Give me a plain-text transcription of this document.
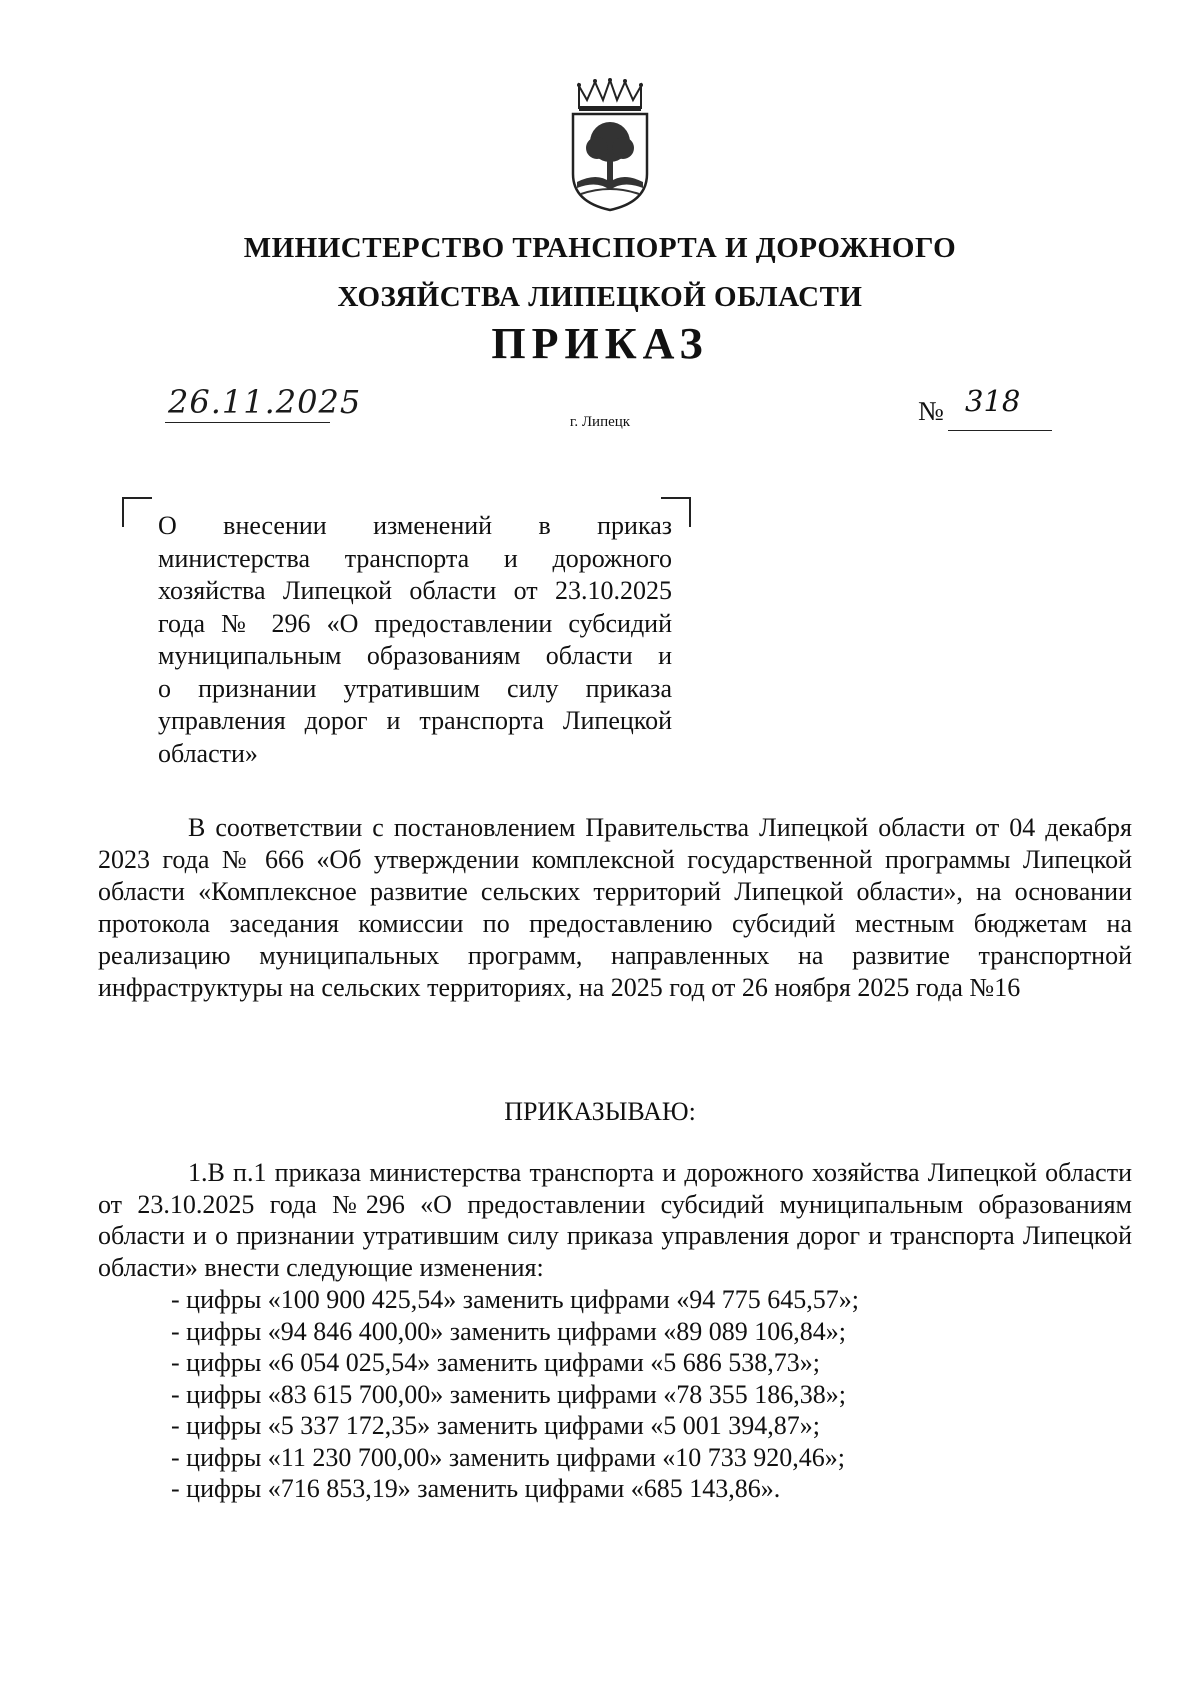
МИНИСТЕРСТВО ТРАНСПОРТА И ДОРОЖНОГО
ХОЗЯЙСТВА ЛИПЕЦКОЙ ОБЛАСТИ
ПРИКАЗ
26.11.2025
г. Липецк	№ 318
О внесении изменений в приказ
министерства транспорта и дорожного
хозяйства Липецкой области от 23.10.2025
года № 296 «О предоставлении субсидий
муниципальным образованиям области и
о признании утратившим силу приказа
управления дорог и транспорта Липецкой
области»
В соответствии с постановлением Правительства Липецкой области от 04 декабря 2023 года № 666 «Об утверждении комплексной государственной программы Липецкой области «Комплексное развитие сельских территорий Липецкой области», на основании протокола заседания комиссии по предоставлению субсидий местным бюджетам на реализацию муниципальных программ, направленных на развитие транспортной инфраструктуры на сельских территориях, на 2025 год от 26 ноября 2025 года №16
ПРИКАЗЫВАЮ:
1.В п.1 приказа министерства транспорта и дорожного хозяйства Липецкой области от 23.10.2025 года №296 «О предоставлении субсидий муниципальным образованиям области и о признании утратившим силу приказа управления дорог и транспорта Липецкой области» внести следующие изменения:
- цифры «100 900 425,54» заменить цифрами «94 775 645,57»;
- цифры «94 846 400,00» заменить цифрами «89 089 106,84»;
- цифры «6 054 025,54» заменить цифрами «5 686 538,73»;
- цифры «83 615 700,00» заменить цифрами «78 355 186,38»;
- цифры «5 337 172,35» заменить цифрами «5 001 394,87»;
- цифры «11 230 700,00» заменить цифрами «10 733 920,46»;
- цифры «716 853,19» заменить цифрами «685 143,86».
